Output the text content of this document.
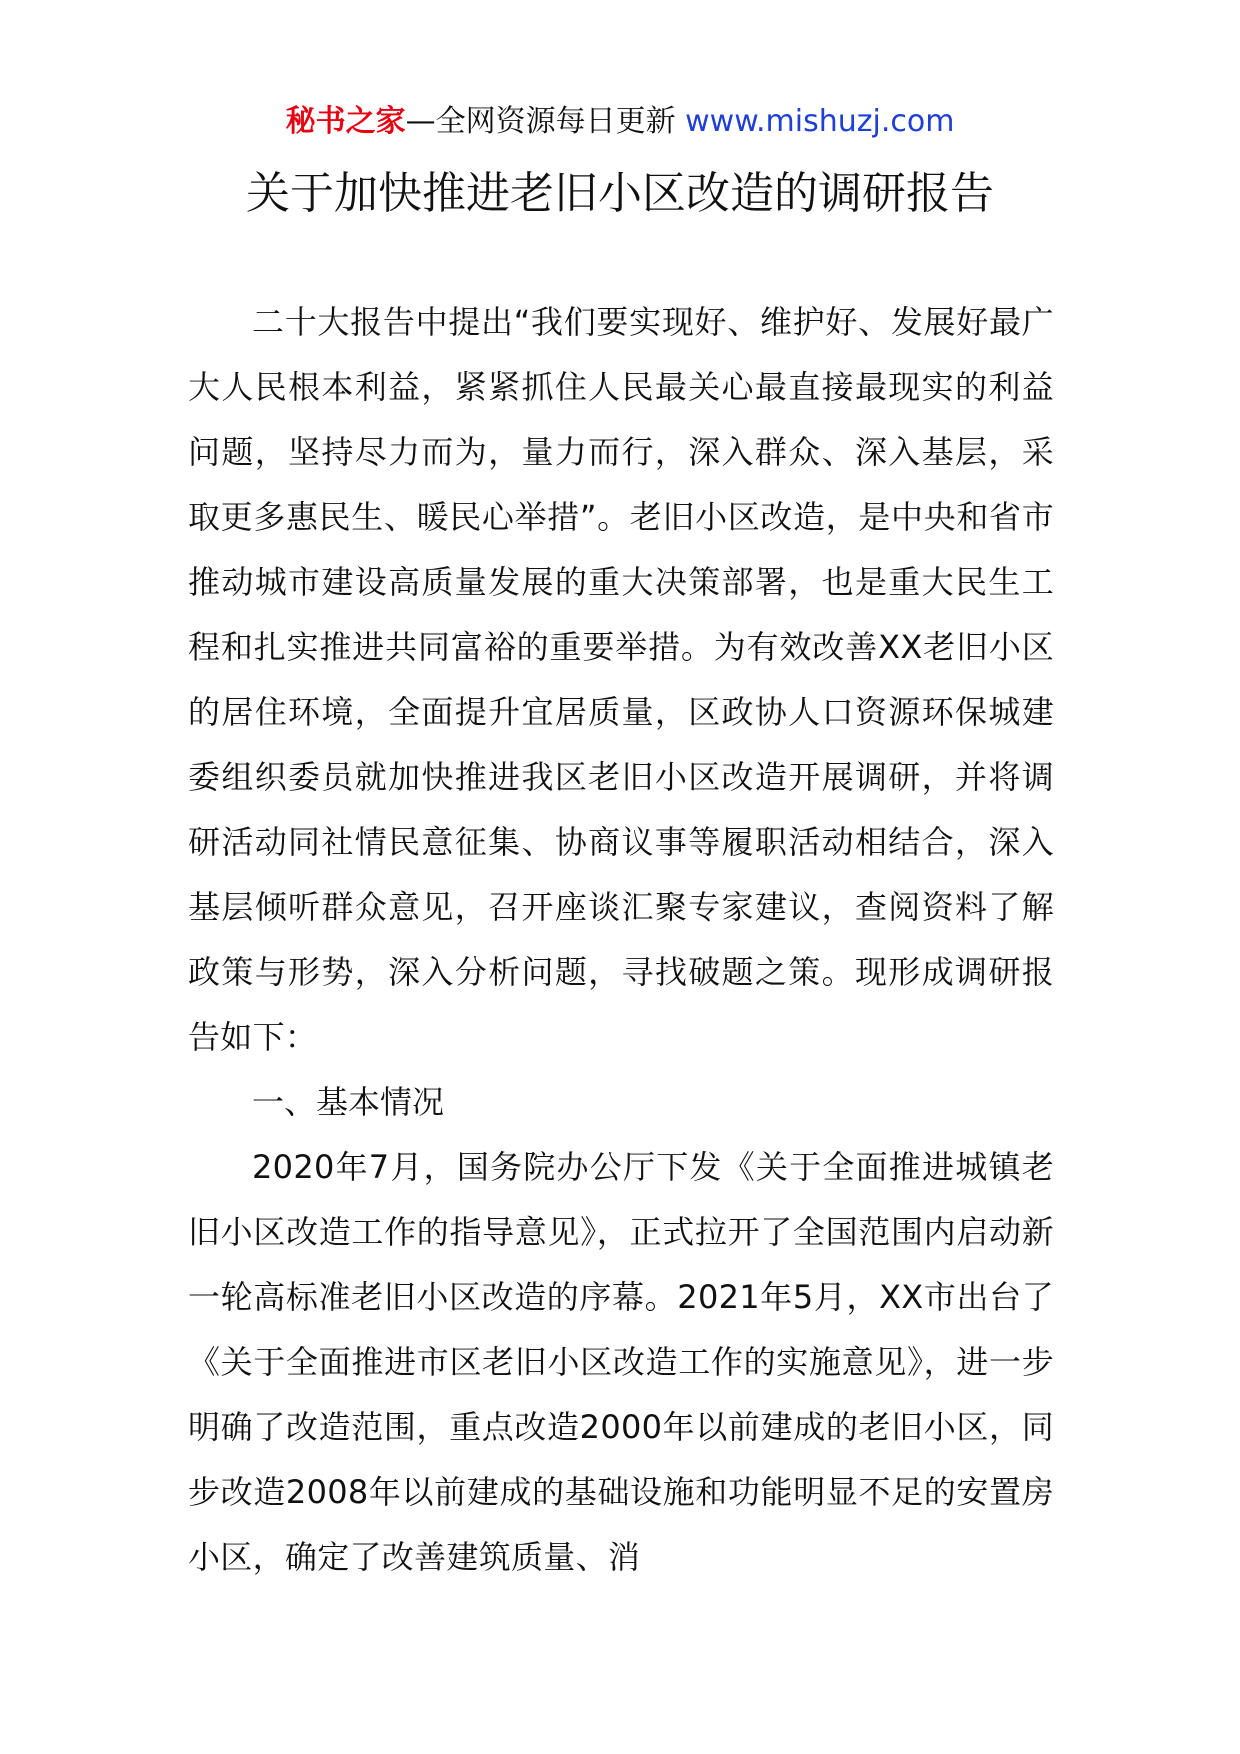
秘书之家—全网资源每日更新 www.mishuzj.com
关于加快推进老旧小区改造的调研报告

二十大报告中提出“我们要实现好、维护好、发展好最广大人民根本利益，紧紧抓住人民最关心最直接最现实的利益问题，坚持尽力而为，量力而行，深入群众、深入基层，采取更多惠民生、暖民心举措”。老旧小区改造，是中央和省市推动城市建设高质量发展的重大决策部署，也是重大民生工程和扎实推进共同富裕的重要举措。为有效改善XX老旧小区的居住环境，全面提升宜居质量，区政协人口资源环保城建委组织委员就加快推进我区老旧小区改造开展调研，并将调研活动同社情民意征集、协商议事等履职活动相结合，深入基层倾听群众意见，召开座谈汇聚专家建议，查阅资料了解政策与形势，深入分析问题，寻找破题之策。现形成调研报告如下：

一、基本情况

2020年7月，国务院办公厅下发《关于全面推进城镇老旧小区改造工作的指导意见》，正式拉开了全国范围内启动新一轮高标准老旧小区改造的序幕。2021年5月，XX市出台了《关于全面推进市区老旧小区改造工作的实施意见》，进一步明确了改造范围，重点改造2000年以前建成的老旧小区，同步改造2008年以前建成的基础设施和功能明显不足的安置房小区，确定了改善建筑质量、消
